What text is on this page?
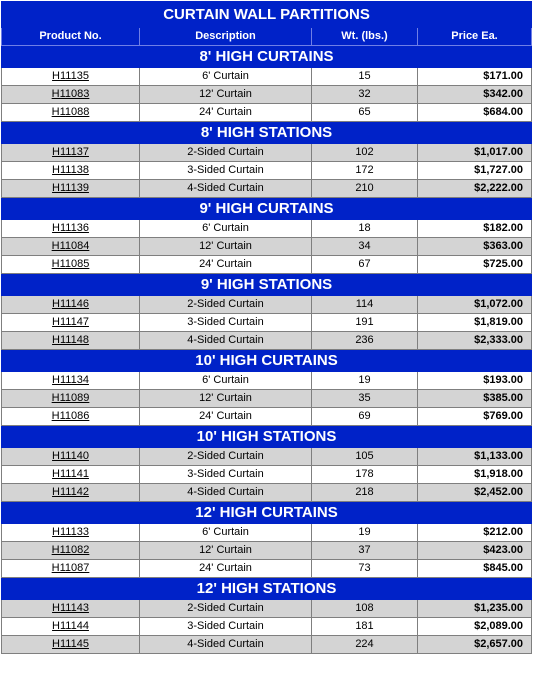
CURTAIN WALL PARTITIONS			
Product No.	Description	Wt. (lbs.)	Price Ea.
8' HIGH CURTAINS			
H11135	6' Curtain	15	$171.00
H11083	12' Curtain	32	$342.00
H11088	24' Curtain	65	$684.00
8' HIGH STATIONS			
H11137	2-Sided Curtain	102	$1,017.00
H11138	3-Sided Curtain	172	$1,727.00
H11139	4-Sided Curtain	210	$2,222.00
9' HIGH CURTAINS			
H11136	6' Curtain	18	$182.00
H11084	12' Curtain	34	$363.00
H11085	24' Curtain	67	$725.00
9' HIGH STATIONS			
H11146	2-Sided Curtain	114	$1,072.00
H11147	3-Sided Curtain	191	$1,819.00
H11148	4-Sided Curtain	236	$2,333.00
10' HIGH CURTAINS			
H11134	6' Curtain	19	$193.00
H11089	12' Curtain	35	$385.00
H11086	24' Curtain	69	$769.00
10' HIGH STATIONS			
H11140	2-Sided Curtain	105	$1,133.00
H11141	3-Sided Curtain	178	$1,918.00
H11142	4-Sided Curtain	218	$2,452.00
12' HIGH CURTAINS			
H11133	6' Curtain	19	$212.00
H11082	12' Curtain	37	$423.00
H11087	24' Curtain	73	$845.00
12' HIGH STATIONS			
H11143	2-Sided Curtain	108	$1,235.00
H11144	3-Sided Curtain	181	$2,089.00
H11145	4-Sided Curtain	224	$2,657.00
